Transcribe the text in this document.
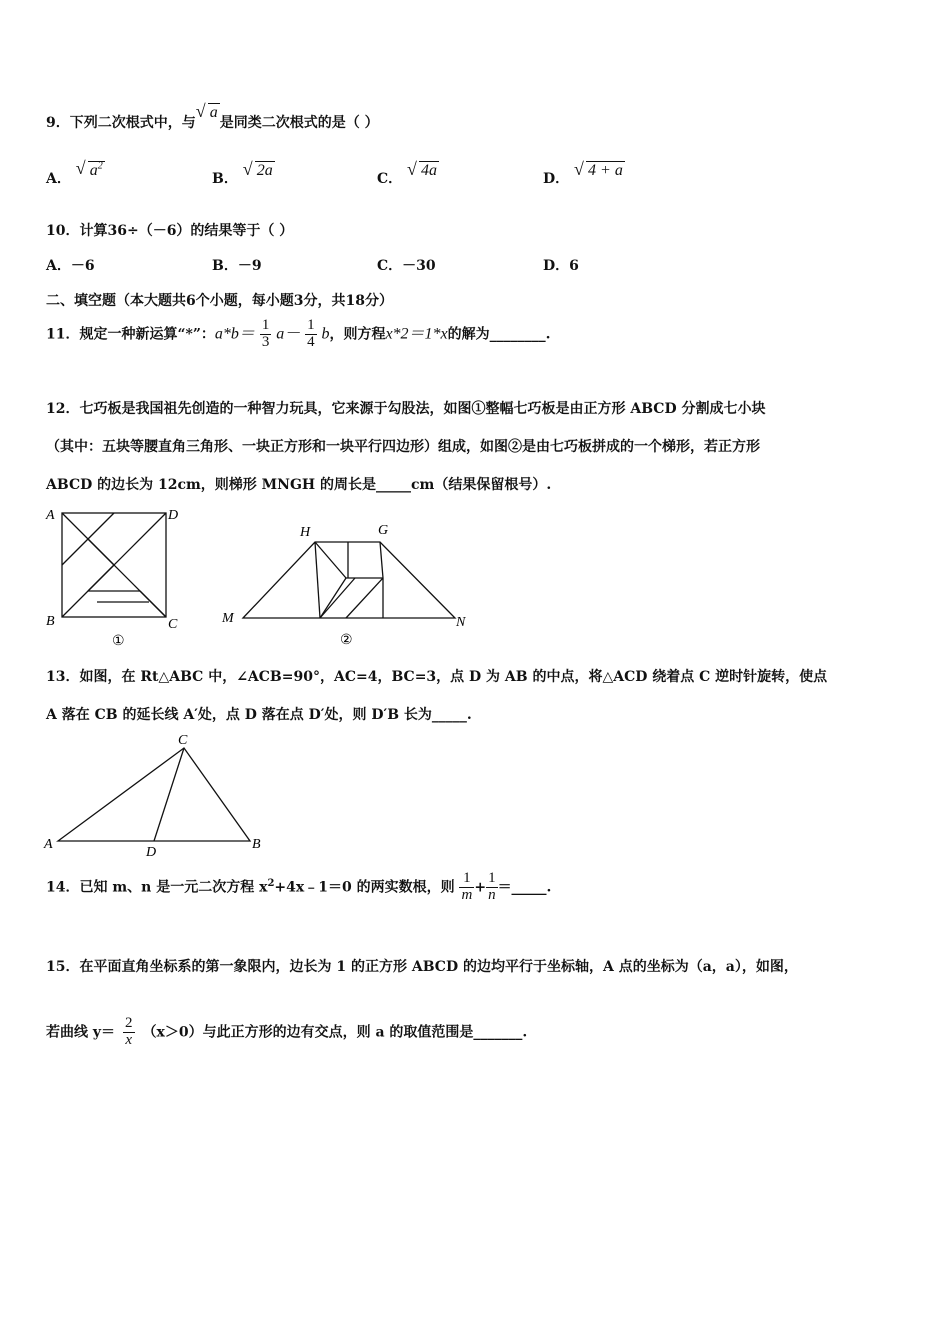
9．下列二次根式中，与
√ a是同类二次根式的是（ ）
A．
√ $a^2$
B． √ 2a	C． √ 4a	D． √ 4 + a
10．计算36÷（－6）的结果等于（ ）
A．－6	B．－9	C．－30	D．6
二、填空题（本大题共6个小题，每小题3分，共18分）
11．规定一种新运算“*”：$a*b= \frac{1}{3} a- \frac{1}{4}$ b，则方程x*2＝1*x的解为________.
12．七巧板是我国祖先创造的一种智力玩具，它来源于勾股法，如图①整幅七巧板是由正方形 ABCD 分割成七小块
（其中：五块等腰直角三角形、一块正方形和一块平行四边形）组成，如图②是由七巧板拼成的一个梯形，若正方形
ABCD 的边长为 12cm，则梯形 MNGH 的周长是_____cm（结果保留根号）.
A	D
B	C
①
H	G
M	N
②
13．如图，在 Rt△ABC 中，∠ACB=90°，AC=4，BC=3，点 D 为 AB 的中点，将△ACD 绕着点 C 逆时针旋转，使点
A 落在 CB 的延长线 A′处，点 D 落在点 D′处，则 D′B 长为_____.
A	B
C
D
14．已知 m、n 是一元二次方程 $x^2+4x﹣1=0$ 的两实数根，则 $\frac{1}{m} + \frac{1}{n}$ ＝_____.
15．在平面直角坐标系的第一象限内，边长为 1 的正方形 ABCD 的边均平行于坐标轴，A 点的坐标为（a，a），如图，
若曲线 $y= \frac{2}{x} (x>0)$与此正方形的边有交点，则 a 的取值范围是_______.
